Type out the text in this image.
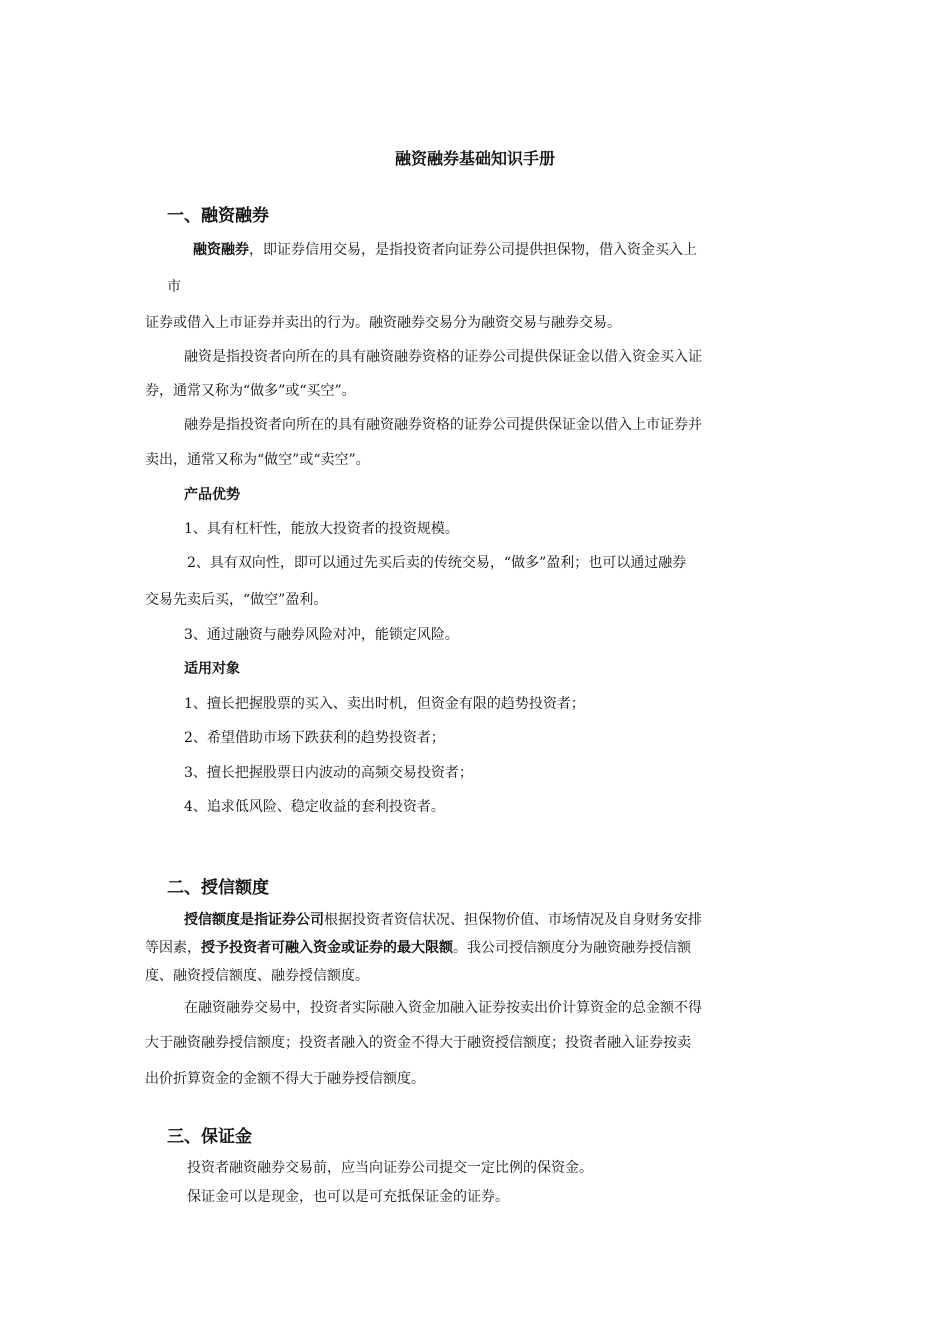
融资融券基础知识手册
一、融资融券
融资融券，即证券信用交易，是指投资者向证券公司提供担保物，借入资金买入上
市
证券或借入上市证券并卖出的行为。融资融券交易分为融资交易与融券交易。
融资是指投资者向所在的具有融资融券资格的证券公司提供保证金以借入资金买入证
券，通常又称为“做多”或“买空”。
融券是指投资者向所在的具有融资融券资格的证券公司提供保证金以借入上市证券并
卖出，通常又称为“做空”或“卖空”。
产品优势
1、具有杠杆性，能放大投资者的投资规模。
2、具有双向性，即可以通过先买后卖的传统交易，“做多”盈利；也可以通过融券
交易先卖后买，“做空”盈利。
3、通过融资与融券风险对冲，能锁定风险。
适用对象
1、擅长把握股票的买入、卖出时机，但资金有限的趋势投资者；
2、希望借助市场下跌获利的趋势投资者；
3、擅长把握股票日内波动的高频交易投资者；
4、追求低风险、稳定收益的套利投资者。
二、授信额度
授信额度是指证券公司根据投资者资信状况、担保物价值、市场情况及自身财务安排
等因素，授予投资者可融入资金或证券的最大限额。我公司授信额度分为融资融券授信额
度、融资授信额度、融券授信额度。
在融资融券交易中，投资者实际融入资金加融入证券按卖出价计算资金的总金额不得
大于融资融券授信额度；投资者融入的资金不得大于融资授信额度；投资者融入证券按卖
出价折算资金的金额不得大于融券授信额度。
三、保证金
投资者融资融券交易前，应当向证券公司提交一定比例的保资金。
保证金可以是现金，也可以是可充抵保证金的证券。
